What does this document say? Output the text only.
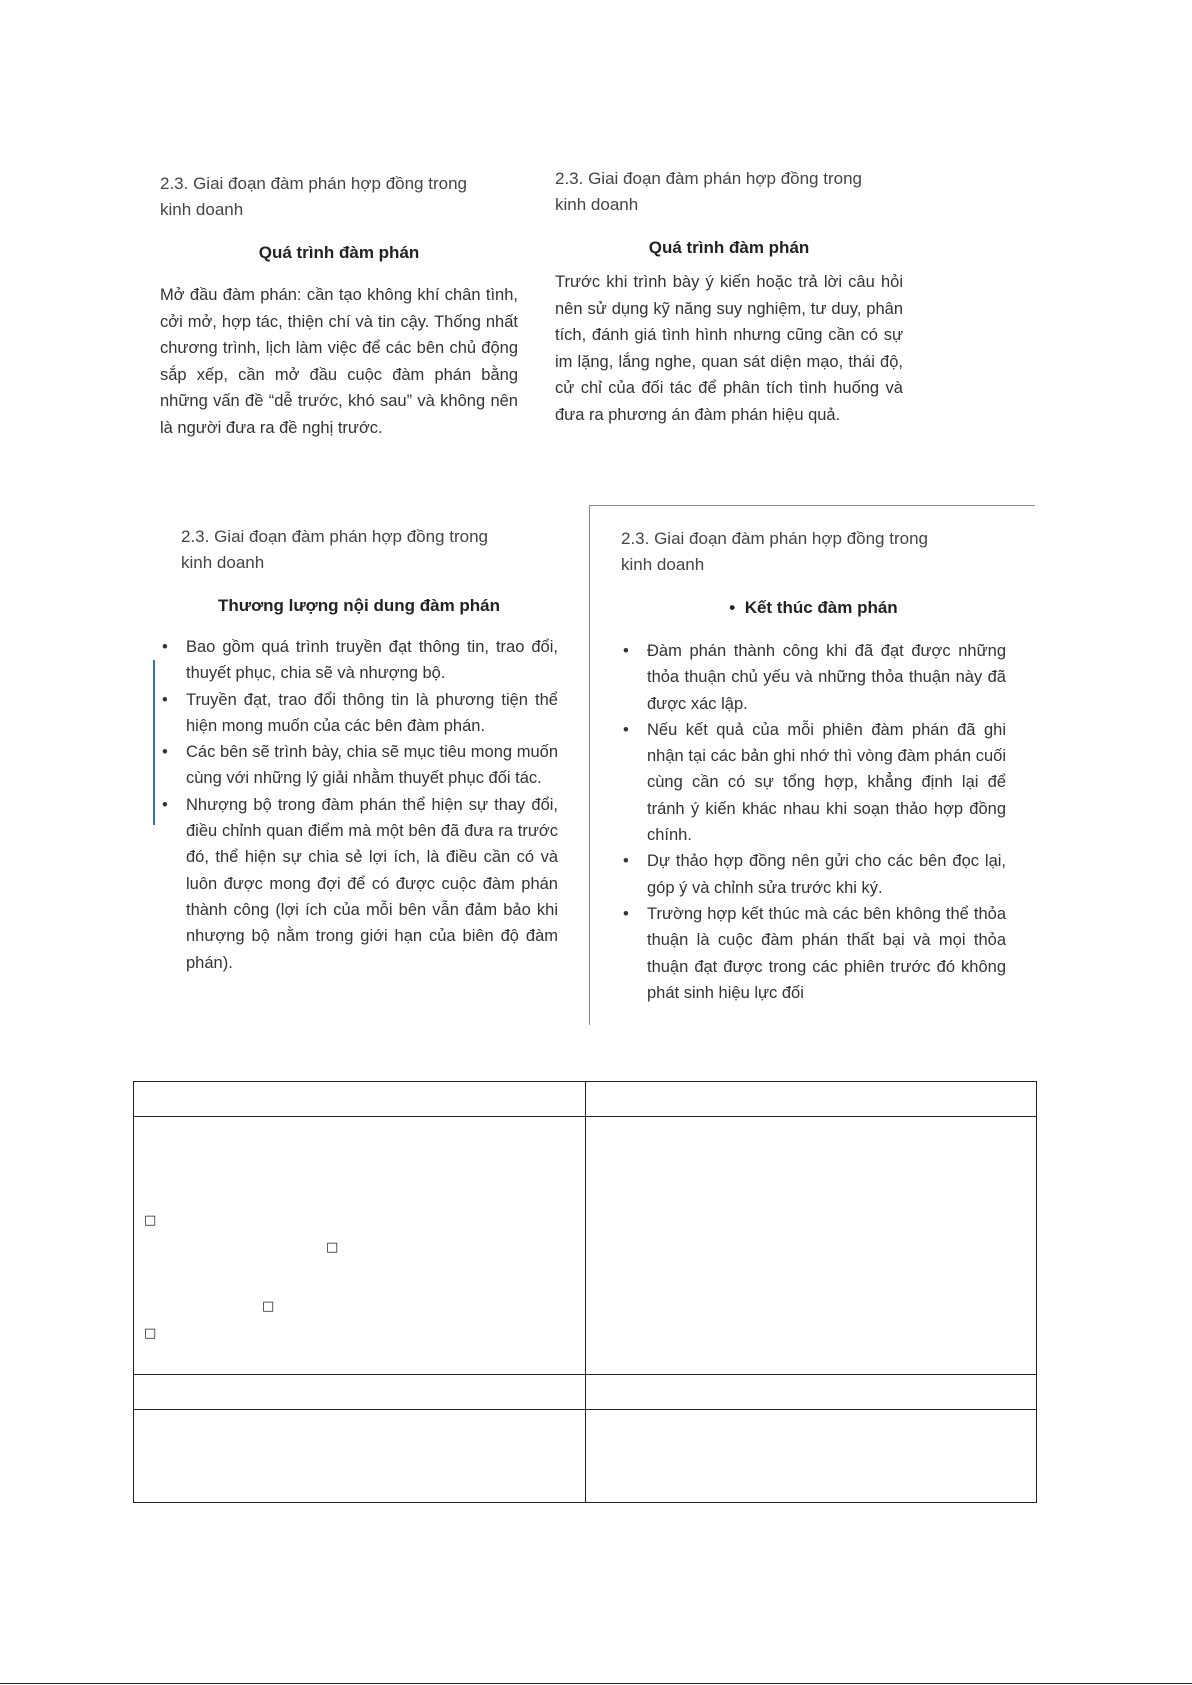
2.3. Giai đoạn đàm phán hợp đồng trong
kinh doanh
Quá trình đàm phán
Mở đầu đàm phán: cần tạo không khí chân tình, cởi mở, hợp tác, thiện chí và tin cậy. Thống nhất chương trình, lịch làm việc để các bên chủ động sắp xếp, cần mở đầu cuộc đàm phán bằng những vấn đề “dễ trước, khó sau” và không nên là người đưa ra đề nghị trước.
2.3. Giai đoạn đàm phán hợp đồng trong
kinh doanh
Quá trình đàm phán
Trước khi trình bày ý kiến hoặc trả lời câu hỏi nên sử dụng kỹ năng suy nghiệm, tư duy, phân tích, đánh giá tình hình nhưng cũng cần có sự im lặng, lắng nghe, quan sát diện mạo, thái độ, cử chỉ của đối tác để phân tích tình huống và đưa ra phương án đàm phán hiệu quả.
2.3. Giai đoạn đàm phán hợp đồng trong
kinh doanh
Thương lượng nội dung đàm phán
• Bao gồm quá trình truyền đạt thông tin, trao đổi, thuyết phục, chia sẽ và nhượng bộ.
• Truyền đạt, trao đổi thông tin là phương tiện thể hiện mong muốn của các bên đàm phán.
• Các bên sẽ trình bày, chia sẽ mục tiêu mong muốn cùng với những lý giải nhằm thuyết phục đối tác.
• Nhượng bộ trong đàm phán thể hiện sự thay đổi, điều chỉnh quan điểm mà một bên đã đưa ra trước đó, thể hiện sự chia sẻ lợi ích, là điều cần có và luôn được mong đợi để có được cuộc đàm phán thành công (lợi ích của mỗi bên vẫn đảm bảo khi nhượng bộ nằm trong giới hạn của biên độ đàm phán).
2.3. Giai đoạn đàm phán hợp đồng trong
kinh doanh
•  Kết thúc đàm phán
• Đàm phán thành công khi đã đạt được những thỏa thuận chủ yếu và những thỏa thuận này đã được xác lập.
• Nếu kết quả của mỗi phiên đàm phán đã ghi nhận tại các bản ghi nhớ thì vòng đàm phán cuối cùng cần có sự tổng hợp, khẳng định lại để tránh ý kiến khác nhau khi soạn thảo hợp đồng chính.
• Dự thảo hợp đồng nên gửi cho các bên đọc lại, góp ý và chỉnh sửa trước khi ký.
• Trường hợp kết thúc mà các bên không thể thỏa thuận là cuộc đàm phán thất bại và mọi thỏa thuận đạt được trong các phiên trước đó không phát sinh hiệu lực đối

□
□
□
□	
